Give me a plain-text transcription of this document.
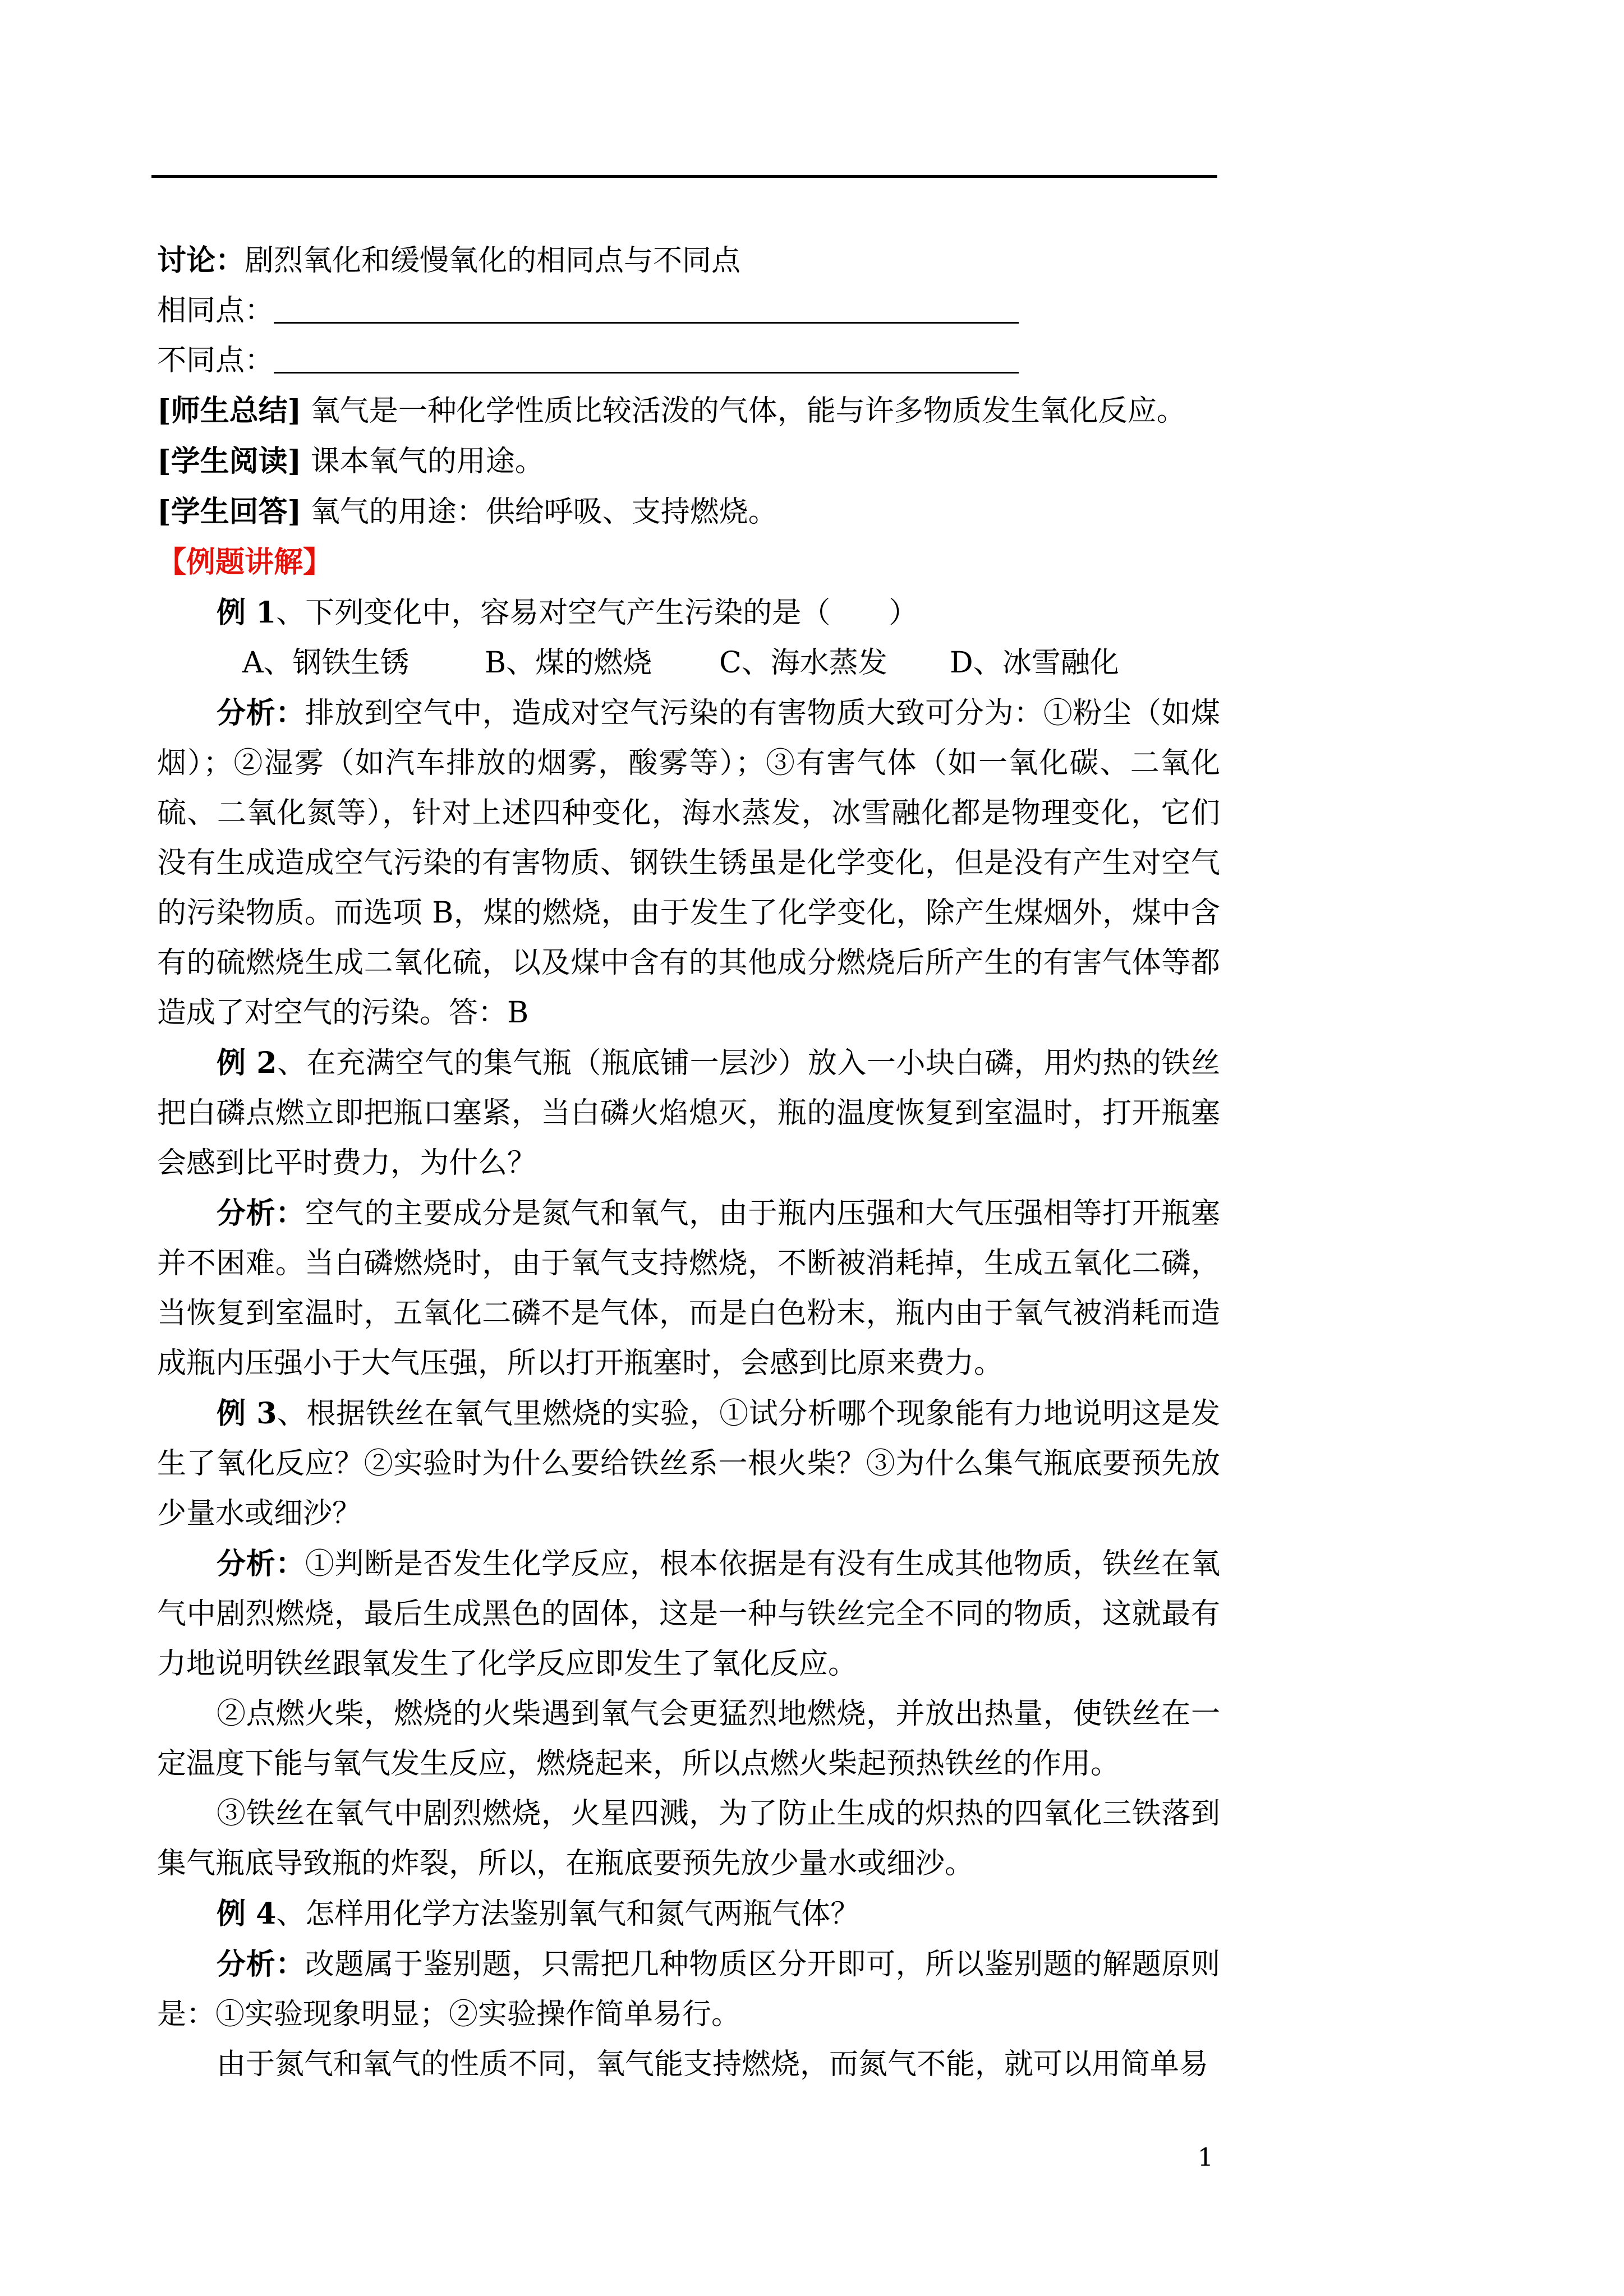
讨论：剧烈氧化和缓慢氧化的相同点与不同点
相同点：
不同点：
[师生总结] 氧气是一种化学性质比较活泼的气体，能与许多物质发生氧化反应。
[学生阅读] 课本氧气的用途。
[学生回答] 氧气的用途：供给呼吸、支持燃烧。
【例题讲解】
例 1、下列变化中，容易对空气产生污染的是（　　）
A、钢铁生锈	B、煤的燃烧 C、海水蒸发 D、冰雪融化
分析：排放到空气中，造成对空气污染的有害物质大致可分为：①粉尘（如煤烟）；②湿雾（如汽车排放的烟雾，酸雾等）；③有害气体（如一氧化碳、二氧化硫、二氧化氮等），针对上述四种变化，海水蒸发，冰雪融化都是物理变化，它们没有生成造成空气污染的有害物质、钢铁生锈虽是化学变化，但是没有产生对空气的污染物质。而选项 B，煤的燃烧，由于发生了化学变化，除产生煤烟外，煤中含有的硫燃烧生成二氧化硫，以及煤中含有的其他成分燃烧后所产生的有害气体等都造成了对空气的污染。答：B
例 2、在充满空气的集气瓶（瓶底铺一层沙）放入一小块白磷，用灼热的铁丝把白磷点燃立即把瓶口塞紧，当白磷火焰熄灭，瓶的温度恢复到室温时，打开瓶塞会感到比平时费力，为什么？
分析：空气的主要成分是氮气和氧气，由于瓶内压强和大气压强相等打开瓶塞并不困难。当白磷燃烧时，由于氧气支持燃烧，不断被消耗掉，生成五氧化二磷，当恢复到室温时，五氧化二磷不是气体，而是白色粉末，瓶内由于氧气被消耗而造成瓶内压强小于大气压强，所以打开瓶塞时，会感到比原来费力。
例 3、根据铁丝在氧气里燃烧的实验，①试分析哪个现象能有力地说明这是发生了氧化反应？②实验时为什么要给铁丝系一根火柴？③为什么集气瓶底要预先放少量水或细沙？
分析：①判断是否发生化学反应，根本依据是有没有生成其他物质，铁丝在氧气中剧烈燃烧，最后生成黑色的固体，这是一种与铁丝完全不同的物质，这就最有力地说明铁丝跟氧发生了化学反应即发生了氧化反应。
②点燃火柴，燃烧的火柴遇到氧气会更猛烈地燃烧，并放出热量，使铁丝在一定温度下能与氧气发生反应，燃烧起来，所以点燃火柴起预热铁丝的作用。
③铁丝在氧气中剧烈燃烧，火星四溅，为了防止生成的炽热的四氧化三铁落到集气瓶底导致瓶的炸裂，所以，在瓶底要预先放少量水或细沙。
例 4、怎样用化学方法鉴别氧气和氮气两瓶气体？
分析：改题属于鉴别题，只需把几种物质区分开即可，所以鉴别题的解题原则是：①实验现象明显；②实验操作简单易行。
由于氮气和氧气的性质不同，氧气能支持燃烧，而氮气不能，就可以用简单易
1
